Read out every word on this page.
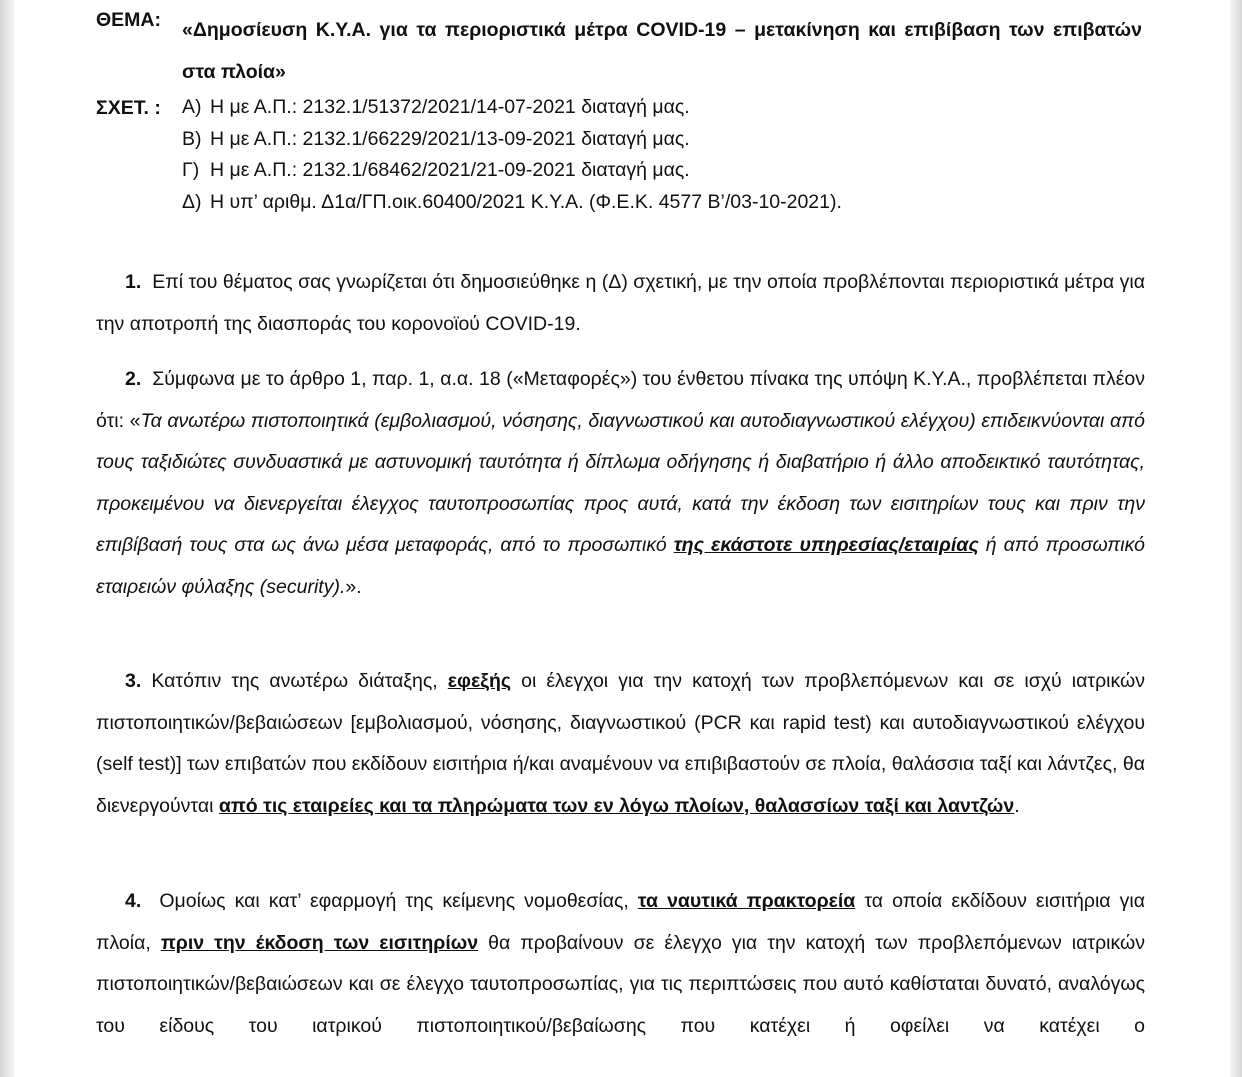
ΘΕΜΑ: «Δημοσίευση Κ.Υ.Α. για τα περιοριστικά μέτρα COVID-19 – μετακίνηση και επιβίβαση των επιβατών στα πλοία»
ΣΧΕΤ. : Α) Η με Α.Π.: 2132.1/51372/2021/14-07-2021 διαταγή μας.
Β) Η με Α.Π.: 2132.1/66229/2021/13-09-2021 διαταγή μας.
Γ) Η με Α.Π.: 2132.1/68462/2021/21-09-2021 διαταγή μας.
Δ) Η υπ’ αριθμ. Δ1α/ΓΠ.οικ.60400/2021 Κ.Υ.Α. (Φ.Ε.Κ. 4577 Β’/03-10-2021).

1. Επί του θέματος σας γνωρίζεται ότι δημοσιεύθηκε η (Δ) σχετική, με την οποία προβλέπονται περιοριστικά μέτρα για την αποτροπή της διασποράς του κορονοϊού COVID-19.

2. Σύμφωνα με το άρθρο 1, παρ. 1, α.α. 18 («Μεταφορές») του ένθετου πίνακα της υπόψη Κ.Υ.Α., προβλέπεται πλέον ότι: «Τα ανωτέρω πιστοποιητικά (εμβολιασμού, νόσησης, διαγνωστικού και αυτοδιαγνωστικού ελέγχου) επιδεικνύονται από τους ταξιδιώτες συνδυαστικά με αστυνομική ταυτότητα ή δίπλωμα οδήγησης ή διαβατήριο ή άλλο αποδεικτικό ταυτότητας, προκειμένου να διενεργείται έλεγχος ταυτοπροσωπίας προς αυτά, κατά την έκδοση των εισιτηρίων τους και πριν την επιβίβασή τους στα ως άνω μέσα μεταφοράς, από το προσωπικό της εκάστοτε υπηρεσίας/εταιρίας ή από προσωπικό εταιρειών φύλαξης (security).».

3. Κατόπιν της ανωτέρω διάταξης, εφεξής οι έλεγχοι για την κατοχή των προβλεπόμενων και σε ισχύ ιατρικών πιστοποιητικών/βεβαιώσεων [εμβολιασμού, νόσησης, διαγνωστικού (PCR και rapid test) και αυτοδιαγνωστικού ελέγχου (self test)] των επιβατών που εκδίδουν εισιτήρια ή/και αναμένουν να επιβιβαστούν σε πλοία, θαλάσσια ταξί και λάντζες, θα διενεργούνται από τις εταιρείες και τα πληρώματα των εν λόγω πλοίων, θαλασσίων ταξί και λαντζών.

4. Ομοίως και κατ’ εφαρμογή της κείμενης νομοθεσίας, τα ναυτικά πρακτορεία τα οποία εκδίδουν εισιτήρια για πλοία, πριν την έκδοση των εισιτηρίων θα προβαίνουν σε έλεγχο για την κατοχή των προβλεπόμενων ιατρικών πιστοποιητικών/βεβαιώσεων και σε έλεγχο ταυτοπροσωπίας, για τις περιπτώσεις που αυτό καθίσταται δυνατό, αναλόγως του είδους του ιατρικού πιστοποιητικού/βεβαίωσης που κατέχει ή οφείλει να κατέχει ο
